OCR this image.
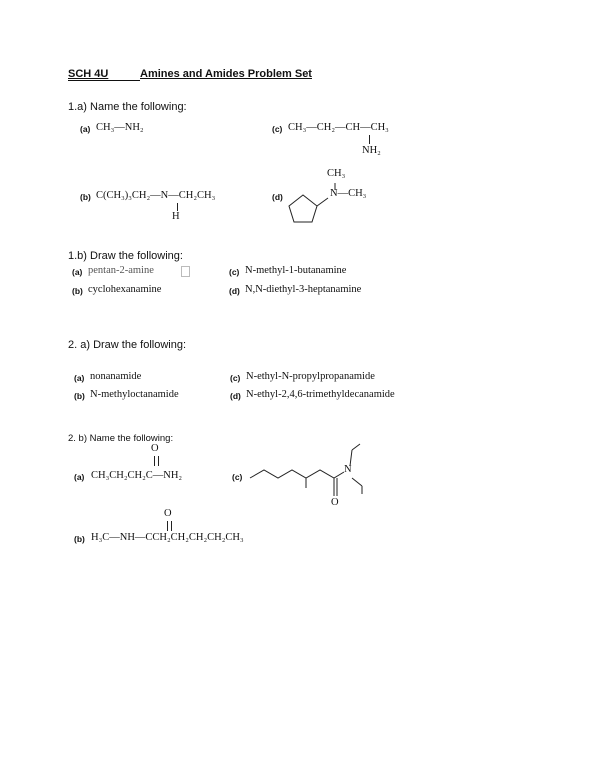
SCH 4U	Amines and Amides Problem Set
1.a) Name the following:
(a) CH₃—NH₂	(c) CH₃—CH₂—CH—CH₃
NH₂
(b) C(CH₃)₃CH₂—N—CH₂CH₃
H
(d)
CH₃
N—CH₃
1.b) Draw the following:
(a) pentan-2-amine
(b) cyclohexanamine
(c) N-methyl-1-butanamine
(d) N,N-diethyl-3-heptanamine
2. a) Draw the following:
(a) nonanamide
(b) N-methyloctanamide
(c) N-ethyl-N-propylpropanamide
(d) N-ethyl-2,4,6-trimethyldecanamide
2. b) Name the following:
O
(a) CH₃CH₂CH₂C—NH₂	(c)
N
O
O
(b) H₃C—NH—CCH₂CH₂CH₂CH₂CH₃
